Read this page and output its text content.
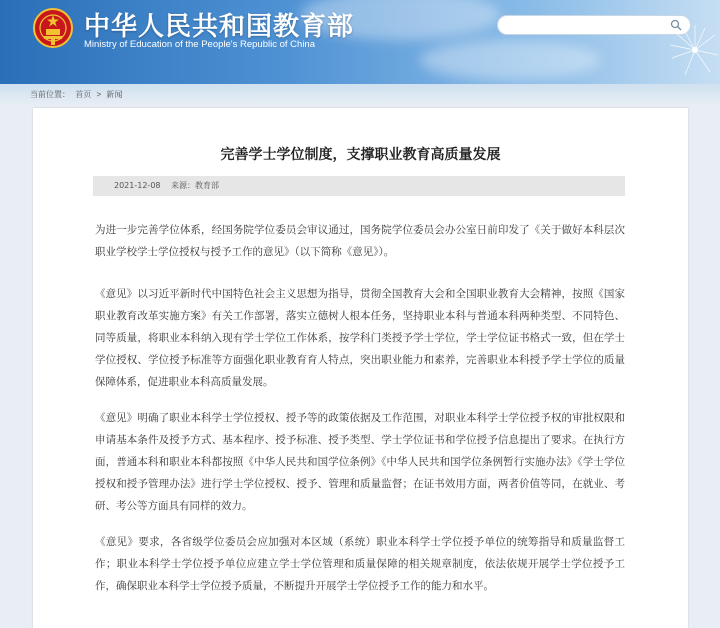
中华人民共和国教育部
Ministry of Education of the People's Republic of China
当前位置： 首页 > 新闻
完善学士学位制度，支撑职业教育高质量发展
2021-12-08 来源：教育部

为进一步完善学位体系，经国务院学位委员会审议通过，国务院学位委员会办公室日前印发了《关于做好本科层次职业学校学士学位授权与授予工作的意见》（以下简称《意见》）。

《意见》以习近平新时代中国特色社会主义思想为指导，贯彻全国教育大会和全国职业教育大会精神，按照《国家职业教育改革实施方案》有关工作部署，落实立德树人根本任务，坚持职业本科与普通本科两种类型、不同特色、同等质量，将职业本科纳入现有学士学位工作体系，按学科门类授予学士学位，学士学位证书格式一致，但在学士学位授权、学位授予标准等方面强化职业教育育人特点，突出职业能力和素养，完善职业本科授予学士学位的质量保障体系，促进职业本科高质量发展。

《意见》明确了职业本科学士学位授权、授予等的政策依据及工作范围，对职业本科学士学位授予权的审批权限和申请基本条件及授予方式、基本程序、授予标准、授予类型、学士学位证书和学位授予信息提出了要求。在执行方面，普通本科和职业本科都按照《中华人民共和国学位条例》《中华人民共和国学位条例暂行实施办法》《学士学位授权和授予管理办法》进行学士学位授权、授予、管理和质量监督；在证书效用方面，两者价值等同，在就业、考研、考公等方面具有同样的效力。

《意见》要求，各省级学位委员会应加强对本区域（系统）职业本科学士学位授予单位的统筹指导和质量监督工作；职业本科学士学位授予单位应建立学士学位管理和质量保障的相关规章制度，依法依规开展学士学位授予工作，确保职业本科学士学位授予质量，不断提升开展学士学位授予工作的能力和水平。
